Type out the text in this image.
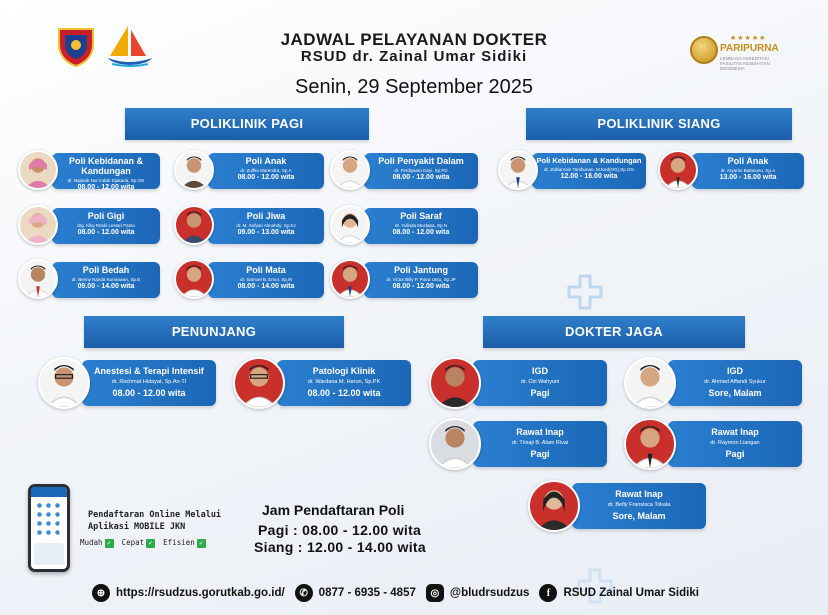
★★★★★
PARIPURNA
LEMBAGA AKREDITASI FASILITAS KESEHATAN INDONESIA
JADWAL PELAYANAN DOKTER
RSUD dr. Zainal Umar Sidiki
Senin, 29 September 2025
POLIKLINIK PAGI	POLIKLINIK SIANG
PENUNJANG	DOKTER JAGA
Poli Kebidanan & Kandungan
dr. Najmah Nur Indah Djakaria, Sp.OG
08.00 - 12.00 wita
Poli Anak
dr. Zulfito Marendra, Sp.A
08.00 - 12.00 wita
Poli Penyakit Dalam
dr. Ferdiyanto Dayi, Sp.PD
08.00 - 12.00 wita
Poli Gigi
drg. Kiky Reski Lestari Panto
08.00 - 12.00 wita
Poli Jiwa
dr. M. Sofyan Almahdy, Sp.KJ
09.00 - 13.00 wita
Poli Saraf
dr. Yulinda Mustapa, Sp.N
08.00 - 12.00 wita
Poli Bedah
dr. Benny Nanda Kurniawan, Sp.B
09.00 - 14.00 wita
Poli Mata
dr. Samuel B. Emor, Sp.M
08.00 - 14.00 wita
Poli Jantung
dr. Victor Billy P. Putra Untu, Sp.JP
08.00 - 12.00 wita
Poli Kebidanan & Kandungan
dr. Zulkarnain Tambunan, M.Ked(OG),Sp.OG
12.00 - 16.00 wita
Poli Anak
dr. Aryanto Batanuno, Sp.A
13.00 - 16.00 wita
Anestesi & Terapi Intensif
dr. Rochmat Hidayat, Sp.An-TI
08.00 - 12.00 wita
Patologi Klinik
dr. Wardana M. Harun, Sp.PK
08.00 - 12.00 wita
IGD
dr. Ozi Wahyuni
Pagi
IGD
dr. Ahmad Affandi Syukur
Sore, Malam
Rawat Inap
dr. Trisaji B. Alam Rivai
Pagi
Rawat Inap
dr. Raymon Liangan
Pagi
Rawat Inap
dr. Befly Fransisca Tokala
Sore, Malam
Pendaftaran Online Melalui
Aplikasi MOBILE JKN
Mudah ✓	Cepat ✓	Efisien ✓
Jam Pendaftaran Poli
Pagi : 08.00 - 12.00 wita
Siang : 12.00 - 14.00 wita
⊕ https://rsudzus.gorutkab.go.id/	✆ 0877 - 6935 - 4857	◎ @bludrsudzus	f	RSUD Zainal Umar Sidiki
